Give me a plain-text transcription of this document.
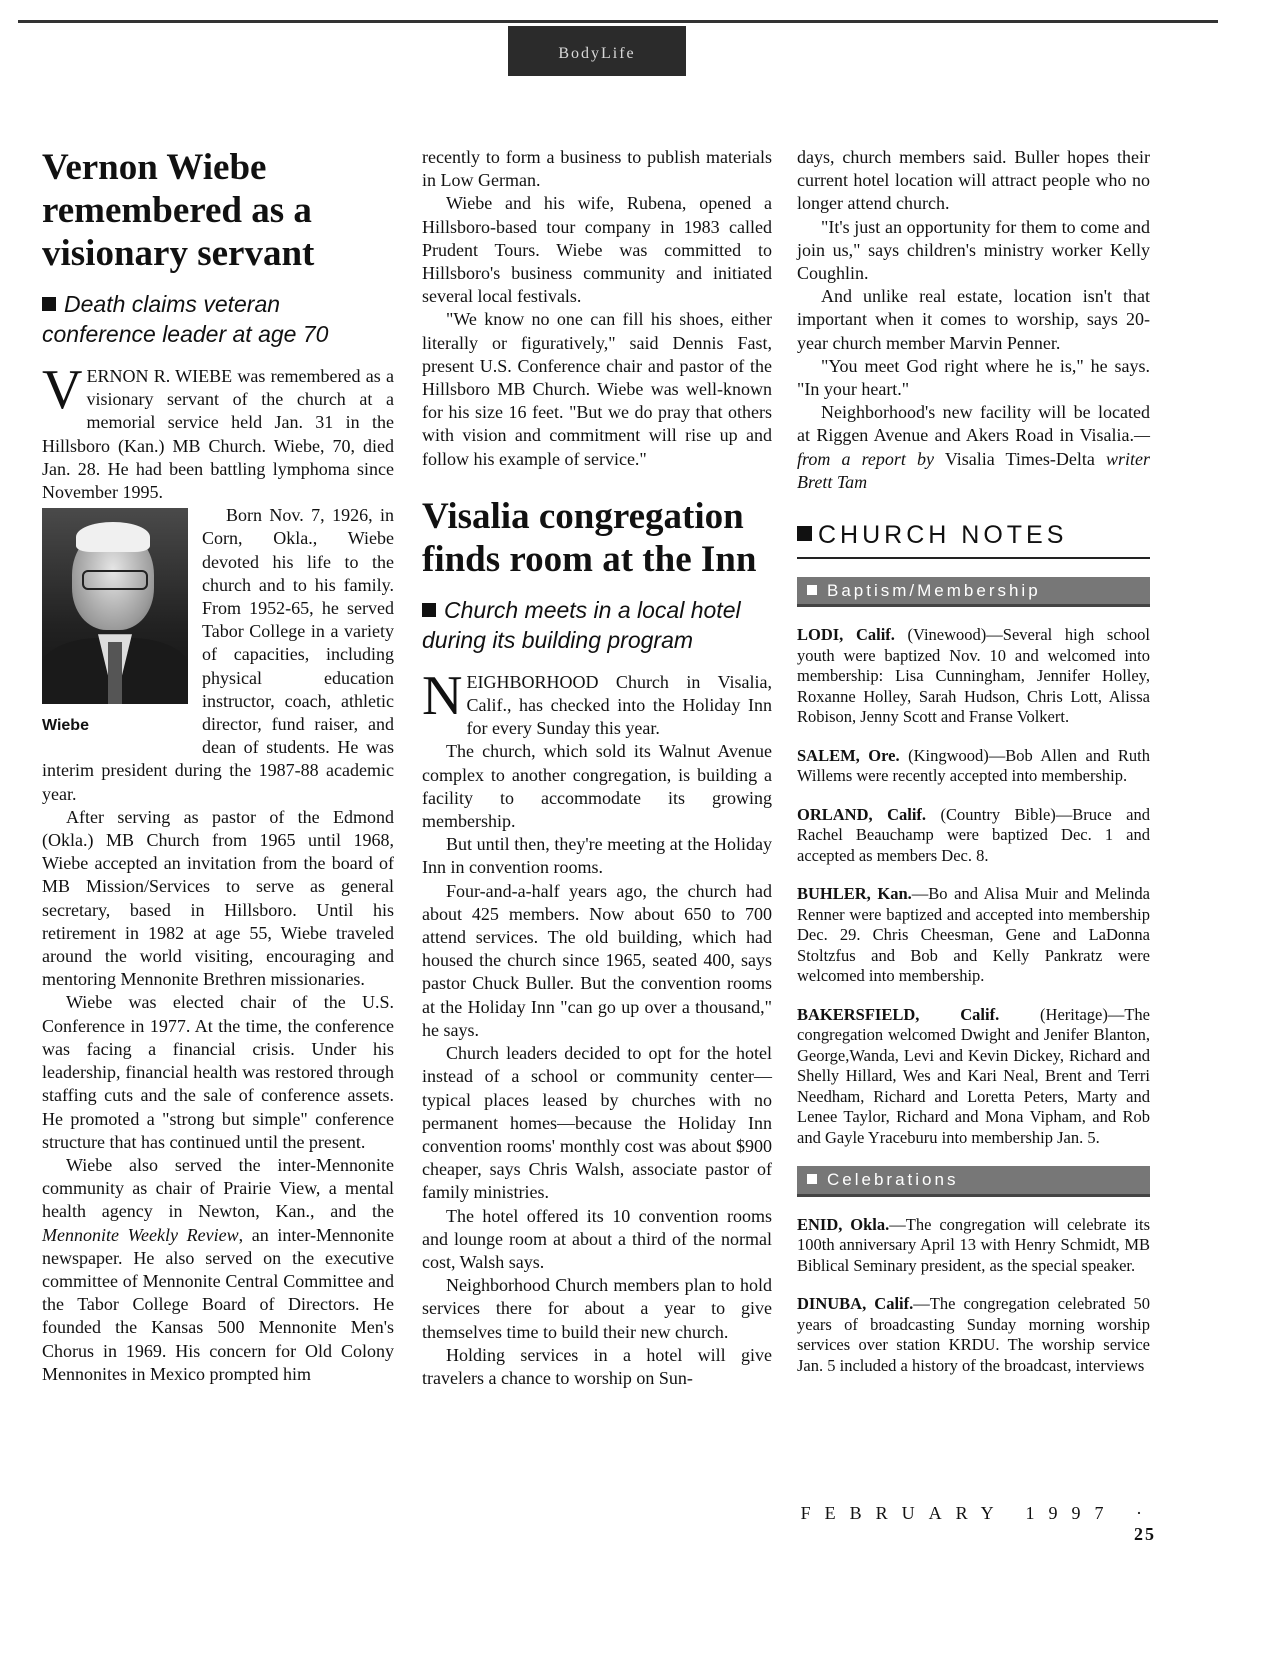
BodyLife
Vernon Wiebe remembered as a visionary servant
Death claims veteran conference leader at age 70

VERNON R. WIEBE was remembered as a visionary servant of the church at a memorial service held Jan. 31 in the Hillsboro (Kan.) MB Church. Wiebe, 70, died Jan. 28. He had been battling lymphoma since November 1995.

Wiebe

Born Nov. 7, 1926, in Corn, Okla., Wiebe devoted his life to the church and to his family. From 1952-65, he served Tabor College in a variety of capacities, including physical education instructor, coach, athletic director, fund raiser, and dean of students. He was interim president during the 1987-88 academic year.

After serving as pastor of the Edmond (Okla.) MB Church from 1965 until 1968, Wiebe accepted an invitation from the board of MB Mission/Services to serve as general secretary, based in Hillsboro. Until his retirement in 1982 at age 55, Wiebe traveled around the world visiting, encouraging and mentoring Mennonite Brethren missionaries.

Wiebe was elected chair of the U.S. Conference in 1977. At the time, the conference was facing a financial crisis. Under his leadership, financial health was restored through staffing cuts and the sale of conference assets. He promoted a "strong but simple" conference structure that has continued until the present.

Wiebe also served the inter-Mennonite community as chair of Prairie View, a mental health agency in Newton, Kan., and the Mennonite Weekly Review, an inter-Mennonite newspaper. He also served on the executive committee of Mennonite Central Committee and the Tabor College Board of Directors. He founded the Kansas 500 Mennonite Men's Chorus in 1969. His concern for Old Colony Mennonites in Mexico prompted him

recently to form a business to publish materials in Low German.

Wiebe and his wife, Rubena, opened a Hillsboro-based tour company in 1983 called Prudent Tours. Wiebe was committed to Hillsboro's business community and initiated several local festivals.

"We know no one can fill his shoes, either literally or figuratively," said Dennis Fast, present U.S. Conference chair and pastor of the Hillsboro MB Church. Wiebe was well-known for his size 16 feet. "But we do pray that others with vision and commitment will rise up and follow his example of service."

Visalia congregation finds room at the Inn
Church meets in a local hotel during its building program

NEIGHBORHOOD Church in Visalia, Calif., has checked into the Holiday Inn for every Sunday this year.

The church, which sold its Walnut Avenue complex to another congregation, is building a facility to accommodate its growing membership.

But until then, they're meeting at the Holiday Inn in convention rooms.

Four-and-a-half years ago, the church had about 425 members. Now about 650 to 700 attend services. The old building, which had housed the church since 1965, seated 400, says pastor Chuck Buller. But the convention rooms at the Holiday Inn "can go up over a thousand," he says.

Church leaders decided to opt for the hotel instead of a school or community center—typical places leased by churches with no permanent homes—because the Holiday Inn convention rooms' monthly cost was about $900 cheaper, says Chris Walsh, associate pastor of family ministries.

The hotel offered its 10 convention rooms and lounge room at about a third of the normal cost, Walsh says.

Neighborhood Church members plan to hold services there for about a year to give themselves time to build their new church.

Holding services in a hotel will give travelers a chance to worship on Sun-

days, church members said. Buller hopes their current hotel location will attract people who no longer attend church.

"It's just an opportunity for them to come and join us," says children's ministry worker Kelly Coughlin.

And unlike real estate, location isn't that important when it comes to worship, says 20-year church member Marvin Penner.

"You meet God right where he is," he says. "In your heart."

Neighborhood's new facility will be located at Riggen Avenue and Akers Road in Visalia.—from a report by Visalia Times-Delta writer Brett Tam

CHURCH NOTES
Baptism/Membership
LODI, Calif. (Vinewood)—Several high school youth were baptized Nov. 10 and welcomed into membership: Lisa Cunningham, Jennifer Holley, Roxanne Holley, Sarah Hudson, Chris Lott, Alissa Robison, Jenny Scott and Franse Volkert.
SALEM, Ore. (Kingwood)—Bob Allen and Ruth Willems were recently accepted into membership.
ORLAND, Calif. (Country Bible)—Bruce and Rachel Beauchamp were baptized Dec. 1 and accepted as members Dec. 8.
BUHLER, Kan.—Bo and Alisa Muir and Melinda Renner were baptized and accepted into membership Dec. 29. Chris Cheesman, Gene and LaDonna Stoltzfus and Bob and Kelly Pankratz were welcomed into membership.
BAKERSFIELD, Calif. (Heritage)—The congregation welcomed Dwight and Jenifer Blanton, George,Wanda, Levi and Kevin Dickey, Richard and Shelly Hillard, Wes and Kari Neal, Brent and Terri Needham, Richard and Loretta Peters, Marty and Lenee Taylor, Richard and Mona Vipham, and Rob and Gayle Yraceburu into membership Jan. 5.
Celebrations
ENID, Okla.—The congregation will celebrate its 100th anniversary April 13 with Henry Schmidt, MB Biblical Seminary president, as the special speaker.
DINUBA, Calif.—The congregation celebrated 50 years of broadcasting Sunday morning worship services over station KRDU. The worship service Jan. 5 included a history of the broadcast, interviews
FEBRUARY 1997 · 25
